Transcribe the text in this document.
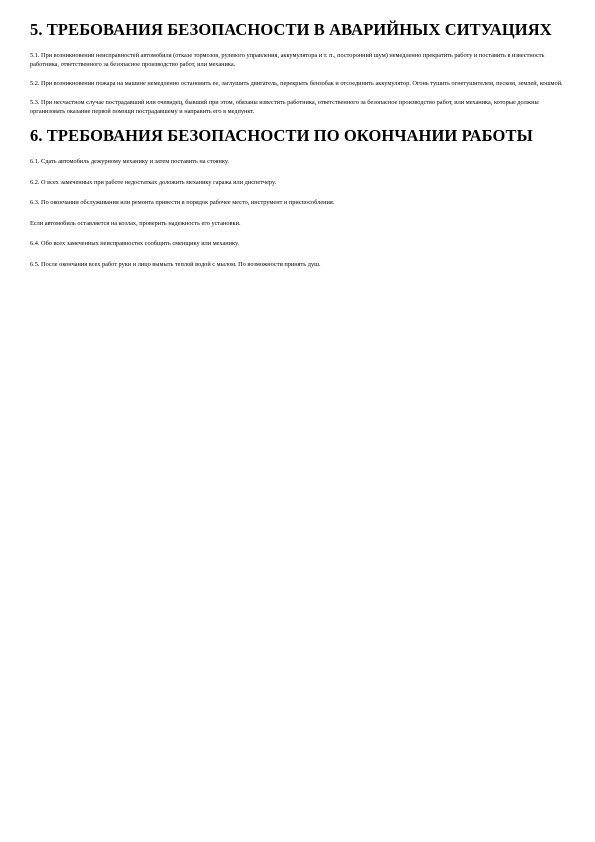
5. ТРЕБОВАНИЯ БЕЗОПАСНОСТИ В АВАРИЙНЫХ СИТУАЦИЯХ

5.1. При возникновении неисправностей автомобиля (отказе тормозов, рулевого управления, аккумулятора и т. п., посторонний шум) немедленно прекратить работу и поставить в известность работника, ответственного за безопасное производство работ, или механика.

5.2. При возникновении пожара на машине немедленно остановить ее, заглушить двигатель, перекрыть бензобак и отсоединить аккумулятор. Огонь тушить огнетушителем, песком, землей, кошмой.

5.3. При несчастном случае пострадавший или очевидец, бывший при этом, обязаны известить работника, ответственного за безопасное производство работ, или механика, которые должны организовать оказание первой помощи пострадавшему и направить его в медпункт.

6. ТРЕБОВАНИЯ БЕЗОПАСНОСТИ ПО ОКОНЧАНИИ РАБОТЫ

6.1. Сдать автомобиль дежурному механику и затем поставить на стоянку.

6.2. О всех замеченных при работе недостатках доложить механику гаража или диспетчеру.

6.3. По окончании обслуживания или ремонта привести в порядок рабочее место, инструмент и приспособления.

Если автомобиль оставляется на козлах, проверить надежность его установки.

6.4. Обо всех замеченных неисправностях сообщить сменщику или механику.

6.5. После окончания всех работ руки и лицо вымыть теплой водой с мылом. По возможности принять душ.
